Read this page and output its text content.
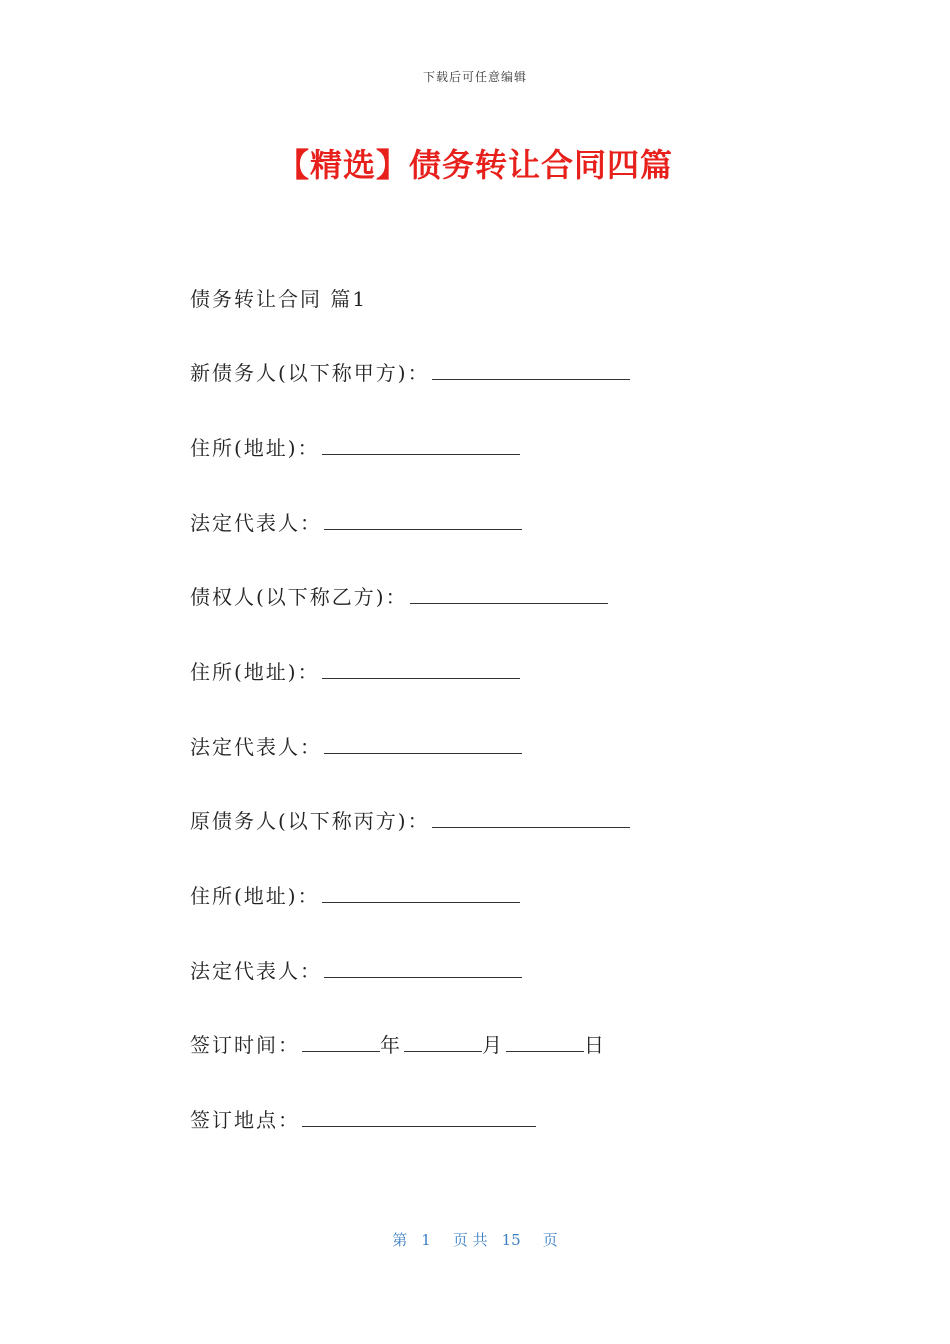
下载后可任意编辑
【精选】债务转让合同四篇
债务转让合同 篇1
新债务人(以下称甲方)：
住所(地址)：
法定代表人：
债权人(以下称乙方)：
住所(地址)：
法定代表人：
原债务人(以下称丙方)：
住所(地址)：
法定代表人：
签订时间：	年	月	日
签订地点：
第 1 页 共 15 页
